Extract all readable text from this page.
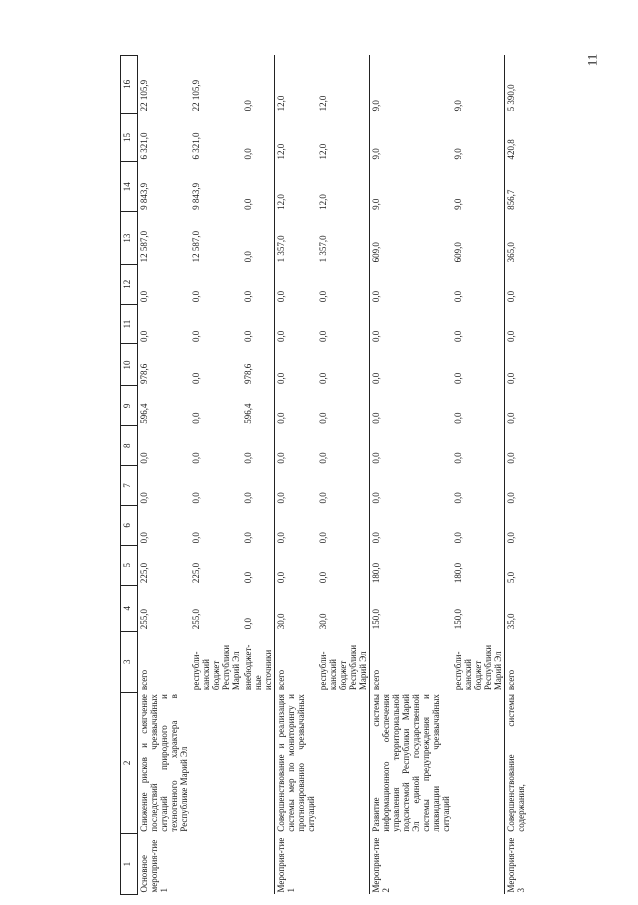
11
1	2	3	4	5	6	7	8	9	10	11	12	13	14	15	16
Основное мероприя-тие 1	Снижение рисков и смягчение последствий чрезвычайных ситуаций природного и техногенного характера в Республике Марий Эл	всего	255,0	225,0	0,0	0,0	0,0	596,4	978,6	0,0	0,0	12 587,0	9 843,9	6 321,0	22 105,9
		республи-канский бюджет Республики Марий Эл	255,0	225,0	0,0	0,0	0,0	0,0	0,0	0,0	0,0	12 587,0	9 843,9	6 321,0	22 105,9
		внебюджет-ные источники	0,0	0,0	0,0	0,0	0,0	596,4	978,6	0,0	0,0	0,0	0,0	0,0	0,0
Мероприя-тие 1	Совершенствование и реализация системы мер по мониторингу и прогнозированию чрезвычайных ситуаций	всего	30,0	0,0	0,0	0,0	0,0	0,0	0,0	0,0	0,0	1 357,0	12,0	12,0	12,0
		республи-канский бюджет Республики Марий Эл	30,0	0,0	0,0	0,0	0,0	0,0	0,0	0,0	0,0	1 357,0	12,0	12,0	12,0
Мероприя-тие 2	Развитие системы информационного обеспечения управления территориальной подсистемой Республики Марий Эл единой государственной системы предупреждения и ликвидации чрезвычайных ситуаций	всего	150,0	180,0	0,0	0,0	0,0	0,0	0,0	0,0	0,0	609,0	9,0	9,0	9,0
		республи-канский бюджет Республики Марий Эл	150,0	180,0	0,0	0,0	0,0	0,0	0,0	0,0	0,0	609,0	9,0	9,0	9,0
Мероприя-тие 3	Совершенствование системы содержания,	всего	35,0	5,0	0,0	0,0	0,0	0,0	0,0	0,0	0,0	365,0	856,7	420,8	5 390,0
